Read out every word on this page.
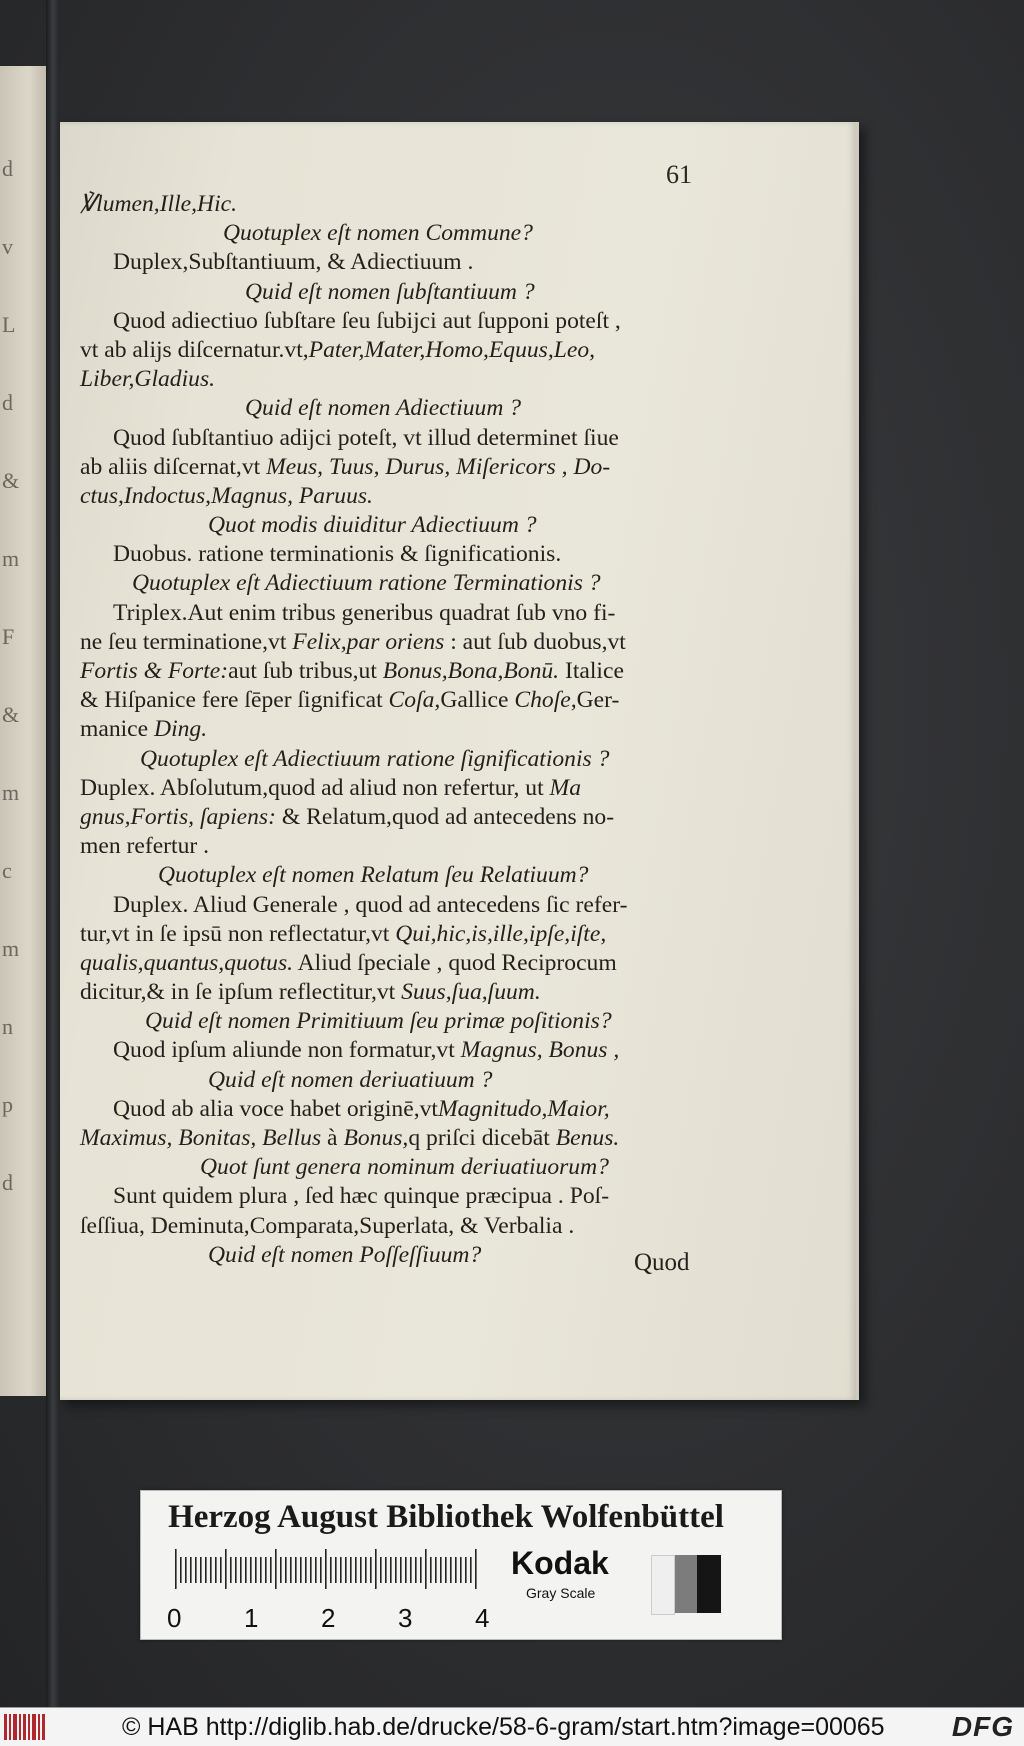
d
v
L
d
&
m
F
&
m
c
m
n
p
d
61
℣lumen,Ille,Hic.
Quotuplex eſt nomen Commune?
Duplex,Subſtantiuum, & Adiectiuum .
Quid eſt nomen ſubſtantiuum ?
Quod adiectiuo ſubſtare ſeu ſubijci aut ſupponi poteſt ,
vt ab alijs diſcernatur.vt,Pater,Mater,Homo,Equus,Leo,
Liber,Gladius.
Quid eſt nomen Adiectiuum ?
Quod ſubſtantiuo adijci poteſt, vt illud determinet ſiue
ab aliis diſcernat,vt Meus, Tuus, Durus, Miſericors , Do-
ctus,Indoctus,Magnus, Paruus.
Quot modis diuiditur Adiectiuum ?
Duobus. ratione terminationis & ſignificationis.
Quotuplex eſt Adiectiuum ratione Terminationis ?
Triplex.Aut enim tribus generibus quadrat ſub vno fi-
ne ſeu terminatione,vt Felix,par oriens : aut ſub duobus,vt
Fortis & Forte:aut ſub tribus,ut Bonus,Bona,Bonū. Italice
& Hiſpanice fere ſēper ſignificat Coſa,Gallice Choſe,Ger-
manice Ding.
Quotuplex eſt Adiectiuum ratione ſignificationis ?
Duplex. Abſolutum,quod ad aliud non refertur, ut Ma
gnus,Fortis, ſapiens: & Relatum,quod ad antecedens no-
men refertur .
Quotuplex eſt nomen Relatum ſeu Relatiuum?
Duplex. Aliud Generale , quod ad antecedens ſic refer-
tur,vt in ſe ipsū non reflectatur,vt Qui,hic,is,ille,ipſe,iſte,
qualis,quantus,quotus. Aliud ſpeciale , quod Reciprocum
dicitur,& in ſe ipſum reflectitur,vt Suus,ſua,ſuum.
Quid eſt nomen Primitiuum ſeu primæ poſitionis?
Quod ipſum aliunde non formatur,vt Magnus, Bonus ,
Quid eſt nomen deriuatiuum ?
Quod ab alia voce habet originē,vtMagnitudo,Maior,
Maximus, Bonitas, Bellus à Bonus,q priſci dicebāt Benus.
Quot ſunt genera nominum deriuatiuorum?
Sunt quidem plura , ſed hæc quinque præcipua . Poſ-
ſeſſiua, Deminuta,Comparata,Superlata, & Verbalia .
Quid eſt nomen Poſſeſſiuum?	Quod
Herzog August Bibliothek Wolfenbüttel
0 1 2 3 4
Kodak
Gray Scale
© HAB http://diglib.hab.de/drucke/58-6-gram/start.htm?image=00065 DFG
